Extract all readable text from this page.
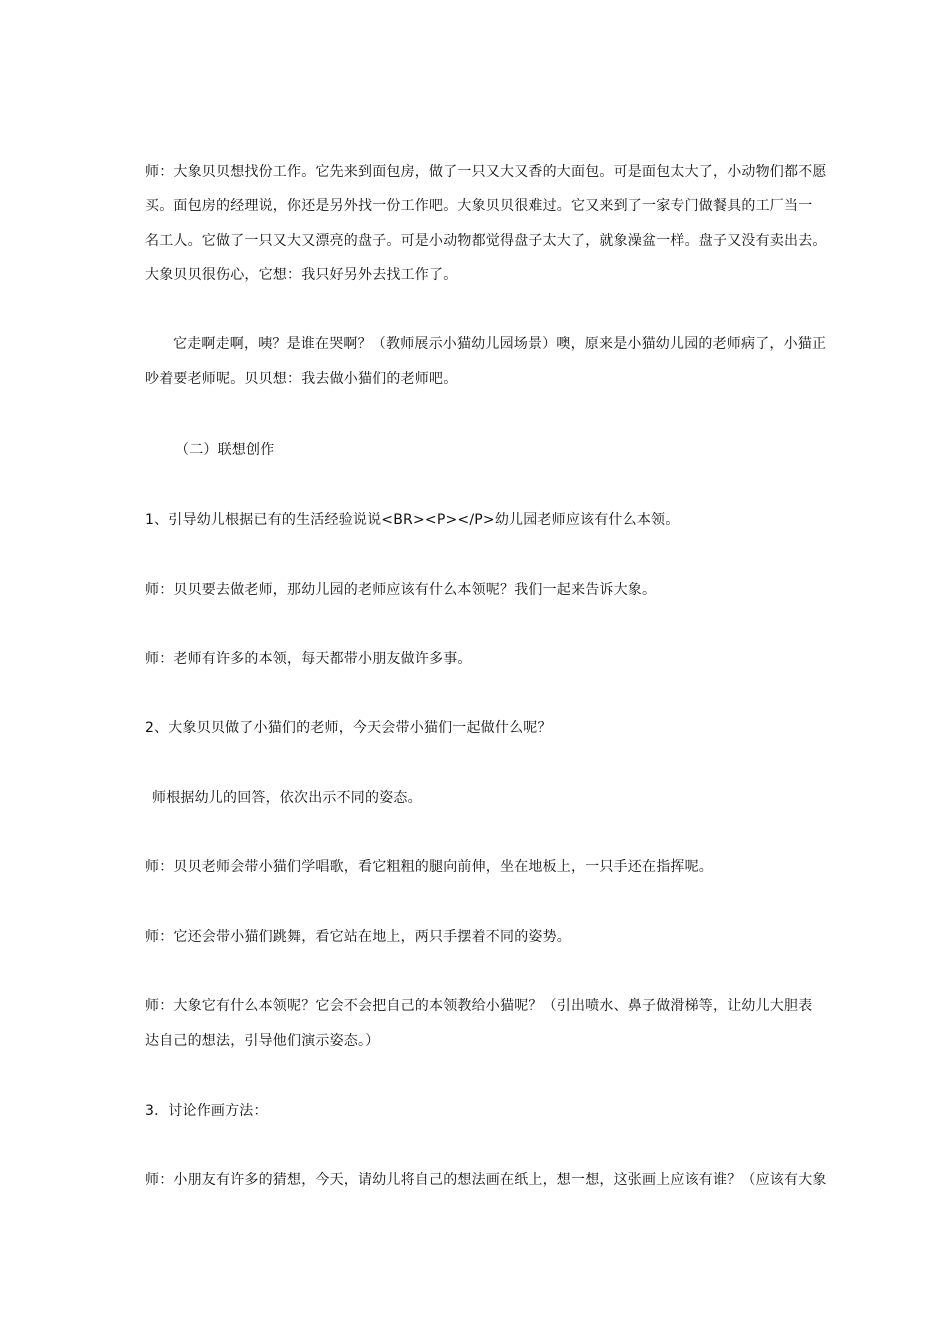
师：大象贝贝想找份工作。它先来到面包房，做了一只又大又香的大面包。可是面包太大了，小动物们都不愿
买。面包房的经理说，你还是另外找一份工作吧。大象贝贝很难过。它又来到了一家专门做餐具的工厂当一
名工人。它做了一只又大又漂亮的盘子。可是小动物都觉得盘子太大了，就象澡盆一样。盘子又没有卖出去。
大象贝贝很伤心，它想：我只好另外去找工作了。
它走啊走啊，咦？是谁在哭啊？（教师展示小猫幼儿园场景）噢，原来是小猫幼儿园的老师病了，小猫正
吵着要老师呢。贝贝想：我去做小猫们的老师吧。
（二）联想创作
1、引导幼儿根据已有的生活经验说说<BR><P></P>幼儿园老师应该有什么本领。
师：贝贝要去做老师，那幼儿园的老师应该有什么本领呢？我们一起来告诉大象。
师：老师有许多的本领，每天都带小朋友做许多事。
2、大象贝贝做了小猫们的老师，今天会带小猫们一起做什么呢？
师根据幼儿的回答，依次出示不同的姿态。
师：贝贝老师会带小猫们学唱歌，看它粗粗的腿向前伸，坐在地板上，一只手还在指挥呢。
师：它还会带小猫们跳舞，看它站在地上，两只手摆着不同的姿势。
师：大象它有什么本领呢？它会不会把自己的本领教给小猫呢？（引出喷水、鼻子做滑梯等，让幼儿大胆表
达自己的想法，引导他们演示姿态。）
3．讨论作画方法：
师：小朋友有许多的猜想，今天，请幼儿将自己的想法画在纸上，想一想，这张画上应该有谁？（应该有大象
